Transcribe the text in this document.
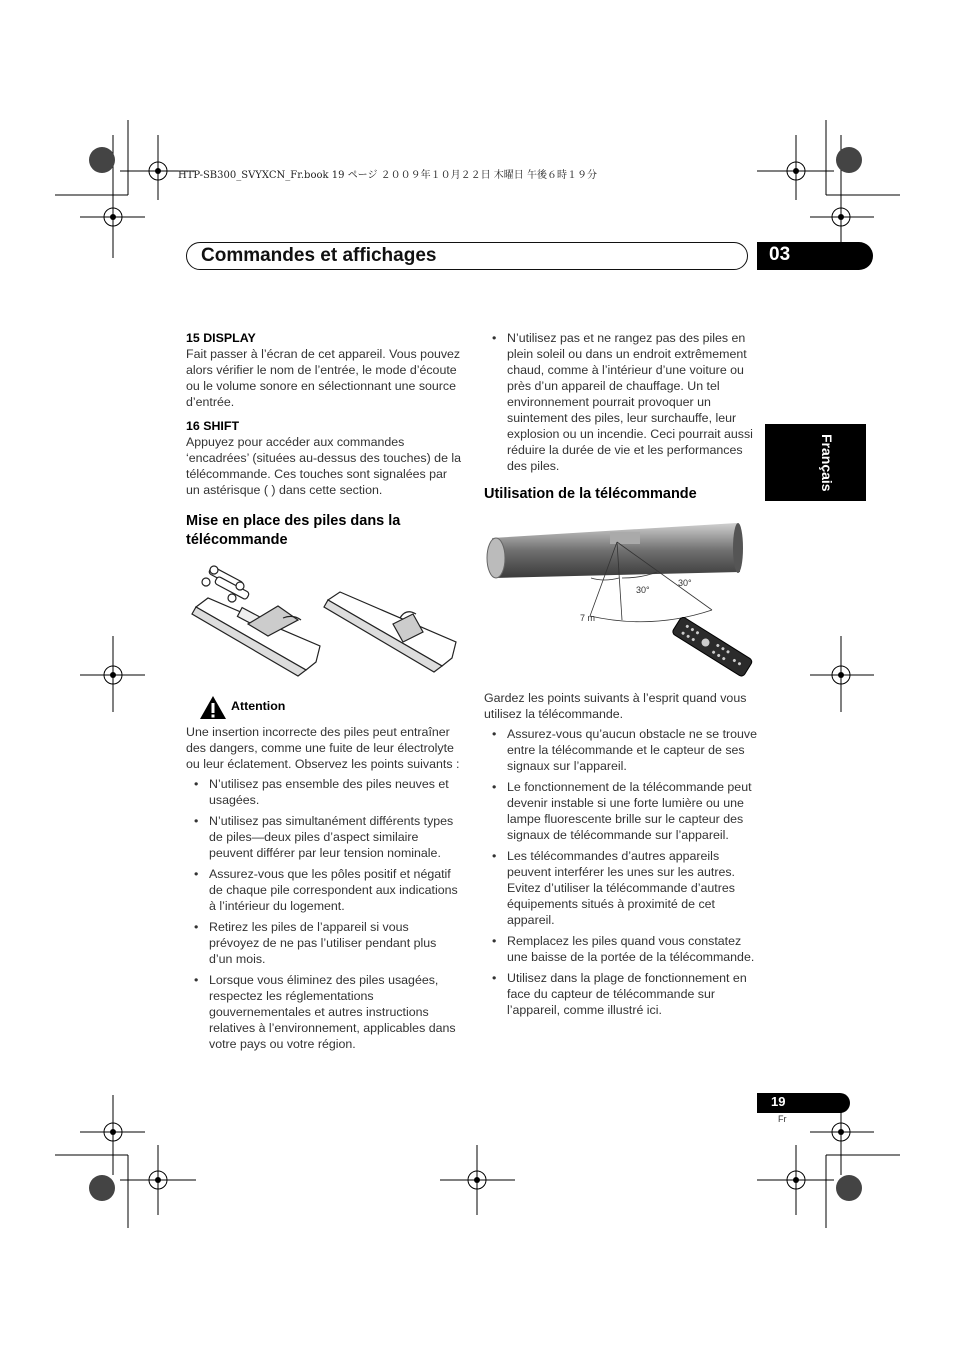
HTP-SB300_SVYXCN_Fr.book 19 ページ ２００９年１０月２２日 木曜日 午後６時１９分
Commandes et affichages	03
Français
15 DISPLAY

Fait passer à l’écran de cet appareil. Vous pouvez alors vérifier le nom de l’entrée, le mode d’écoute ou le volume sonore en sélectionnant une source d’entrée.

16 SHIFT

Appuyez pour accéder aux commandes ‘encadrées’ (situées au-dessus des touches) de la télécommande. Ces touches sont signalées par un astérisque ( ) dans cette section.

Mise en place des piles dans la télécommande
Attention

Une insertion incorrecte des piles peut entraîner des dangers, comme une fuite de leur électrolyte ou leur éclatement. Observez les points suivants :

• N’utilisez pas ensemble des piles neuves et usagées.
• N’utilisez pas simultanément différents types de piles—deux piles d’aspect similaire peuvent différer par leur tension nominale.
• Assurez-vous que les pôles positif et négatif de chaque pile correspondent aux indications à l’intérieur du logement.
• Retirez les piles de l’appareil si vous prévoyez de ne pas l’utiliser pendant plus d’un mois.
• Lorsque vous éliminez des piles usagées, respectez les réglementations gouvernementales et autres instructions relatives à l’environnement, applicables dans votre pays ou votre région.
• N’utilisez pas et ne rangez pas des piles en plein soleil ou dans un endroit extrêmement chaud, comme à l’intérieur d’une voiture ou près d’un appareil de chauffage. Un tel environnement pourrait provoquer un suintement des piles, leur surchauffe, leur explosion ou un incendie. Ceci pourrait aussi réduire la durée de vie et les performances des piles.
Utilisation de la télécommande
30°
30°
7 m

Gardez les points suivants à l’esprit quand vous utilisez la télécommande.

• Assurez-vous qu’aucun obstacle ne se trouve entre la télécommande et le capteur de ses signaux sur l’appareil.
• Le fonctionnement de la télécommande peut devenir instable si une forte lumière ou une lampe fluorescente brille sur le capteur des signaux de télécommande sur l’appareil.
• Les télécommandes d’autres appareils peuvent interférer les unes sur les autres. Evitez d’utiliser la télécommande d’autres équipements situés à proximité de cet appareil.
• Remplacez les piles quand vous constatez une baisse de la portée de la télécommande.
• Utilisez dans la plage de fonctionnement en face du capteur de télécommande sur l’appareil, comme illustré ici.
19
Fr
